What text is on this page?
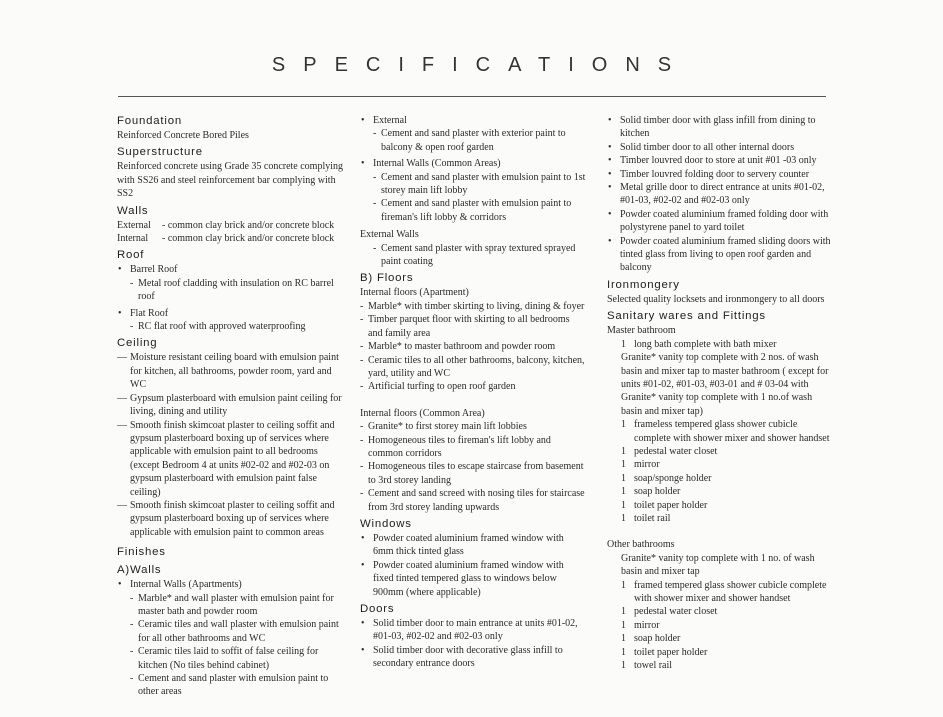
SPECIFICATIONS
Foundation
Reinforced Concrete Bored Piles
Superstructure
Reinforced concrete using Grade 35 concrete complying with SS26 and steel reinforcement bar complying with SS2
Walls
External - common clay brick and/or concrete block
Internal - common clay brick and/or concrete block
Roof
• Barrel Roof
- Metal roof cladding with insulation on RC barrel roof
• Flat Roof
- RC flat roof with approved waterproofing
Ceiling
— Moisture resistant ceiling board with emulsion paint for kitchen, all bathrooms, powder room, yard and WC
— Gypsum plasterboard with emulsion paint ceiling for living, dining and utility
— Smooth finish skimcoat plaster to ceiling soffit and gypsum plasterboard boxing up of services where applicable with emulsion paint to all bedrooms (except Bedroom 4 at units #02-02 and #02-03 on gypsum plasterboard with emulsion paint false ceiling)
— Smooth finish skimcoat plaster to ceiling soffit and gypsum plasterboard boxing up of services where applicable with emulsion paint to common areas
Finishes
A)Walls
• Internal Walls (Apartments)
- Marble* and wall plaster with emulsion paint for master bath and powder room
- Ceramic tiles and wall plaster with emulsion paint for all other bathrooms and WC
- Ceramic tiles laid to soffit of false ceiling for kitchen (No tiles behind cabinet)
- Cement and sand plaster with emulsion paint to other areas
• External
- Cement and sand plaster with exterior paint to balcony & open roof garden
• Internal Walls (Common Areas)
- Cement and sand plaster with emulsion paint to 1st storey main lift lobby
- Cement and sand plaster with emulsion paint to fireman's lift lobby & corridors
External Walls
- Cement sand plaster with spray textured sprayed paint coating
B) Floors
Internal floors (Apartment)
- Marble* with timber skirting to living, dining & foyer
- Timber parquet floor with skirting to all bedrooms and family area
- Marble* to master bathroom and powder room
- Ceramic tiles to all other bathrooms, balcony, kitchen, yard, utility and WC
- Artificial turfing to open roof garden
Internal floors (Common Area)
- Granite* to first storey main lift lobbies
- Homogeneous tiles to fireman's lift lobby and common corridors
- Homogeneous tiles to escape staircase from basement to 3rd storey landing
- Cement and sand screed with nosing tiles for staircase from 3rd storey landing upwards
Windows
• Powder coated aluminium framed window with 6mm thick tinted glass
• Powder coated aluminium framed window with fixed tinted tempered glass to windows below 900mm (where applicable)
Doors
• Solid timber door to main entrance at units #01-02, #01-03, #02-02 and #02-03 only
• Solid timber door with decorative glass infill to secondary entrance doors
• Solid timber door with glass infill from dining to kitchen
• Solid timber door to all other internal doors
• Timber louvred door to store at unit #01 -03 only
• Timber louvred folding door to servery counter
• Metal grille door to direct entrance at units #01-02, #01-03, #02-02 and #02-03 only
• Powder coated aluminium framed folding door with polystyrene panel to yard toilet
• Powder coated aluminium framed sliding doors with tinted glass from living to open roof garden and balcony
Ironmongery
Selected quality locksets and ironmongery to all doors
Sanitary wares and Fittings
Master bathroom
1 long bath complete with bath mixer
Granite* vanity top complete with 2 nos. of wash basin and mixer tap to master bathroom ( except for units #01-02, #01-03, #03-01 and # 03-04 with Granite* vanity top complete with 1 no.of wash basin and mixer tap)
1 frameless tempered glass shower cubicle complete with shower mixer and shower handset
1 pedestal water closet
1 mirror
1 soap/sponge holder
1 soap holder
1 toilet paper holder
1 toilet rail
Other bathrooms
Granite* vanity top complete with 1 no. of wash basin and mixer tap
1 framed tempered glass shower cubicle complete with shower mixer and shower handset
1 pedestal water closet
1 mirror
1 soap holder
1 toilet paper holder
1 towel rail
